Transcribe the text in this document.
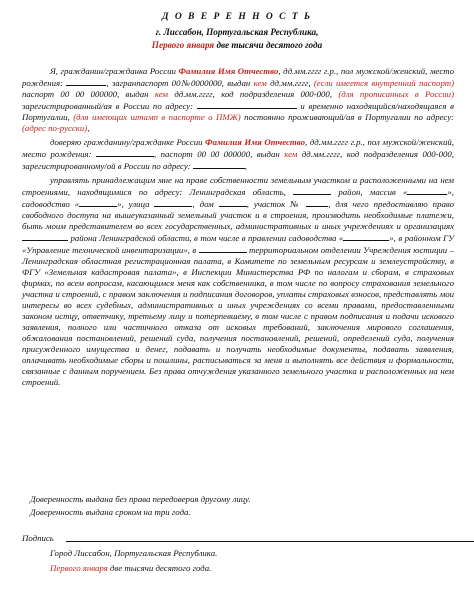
Д О В Е Р Е Н Н О С Т Ь
г. Лиссабон, Португальская Республика,
Первого января две тысячи десятого года

Я, гражданин/гражданка России Фамилия Имя Отчество, дд.мм.гггг г.р., пол мужской/женский, место рождения:	, загранпаспорт 00№0000000, выдан кем дд.мм.гггг, (если имеется внутренний паспорт) паспорт 00 00 000000, выдан кем дд.мм.гггг, код подразделения 000-000, (для прописанных в России) зарегистрированный/ая в России по адресу:	и временно находящийся/находящаяся в Португалии, (для имеющих штамп в паспорте о ПМЖ) постоянно проживающий/ая в Португалии по адресу: (адрес по-русски),

доверяю гражданину/гражданке России Фамилия Имя Отчество, дд.мм.гггг г.р., пол мужской/женский, место рождения:	, паспорт 00 00 000000, выдан кем дд.мм.гггг, код подразделения 000-000, зарегистрированному/ой в России по адресу:	,

управлять принадлежащим мне на праве собственности земельным участком и расположенными на нем строениями, находящимися по адресу: Ленинградская область,	район, массив «	», садоводство «	», улица	, дом	, участок №	, для чего предоставляю право свободного доступа на вышеуказанный земельный участок и в строения, производить необходимые платежи, быть моим представителем во всех государственных, административных и иных учреждениях и организациях  района Ленинградской области, в том числе в правлении садоводства «	», в районном ГУ «Управление технической инвентаризации», в	территориальном отделении Учреждения юстиции – Ленинградская областная регистрационная палата, в Комитете по земельным ресурсам и землеустройству, в ФГУ «Земельная кадастровая палата», в Инспекции Министерства РФ по налогам и сборам, в страховых фирмах, по всем вопросам, касающимся меня как собственника, в том числе по вопросу страхования земельного участка и строений, с правом заключения и подписания договоров, уплаты страховых взносов, представлять мои интересы во всех судебных, административных и иных учреждениях со всеми правами, предоставленными законом истцу, ответчику, третьему лицу и потерпевшему, в том числе с правом подписания и подачи искового заявления, полного или частичного отказа от исковых требований, заключения мирового соглашения, обжалования постановлений, решений суда, получения постановлений, решений, определений суда, получения присужденного имущества и денег, подавать и получать необходимые документы, подавать заявления, оплачивать необходимые сборы и пошлины, расписываться за меня и выполнять все действия и формальности, связанные с данным поручением. Без права отчуждения указанного земельного участка и расположенных на нем строений.

Доверенность выдана без права передоверия другому лицу.
Доверенность выдана сроком на три года.
Подпись
Город Лиссабон, Португальская Республика.
Первого января две тысячи десятого года.
